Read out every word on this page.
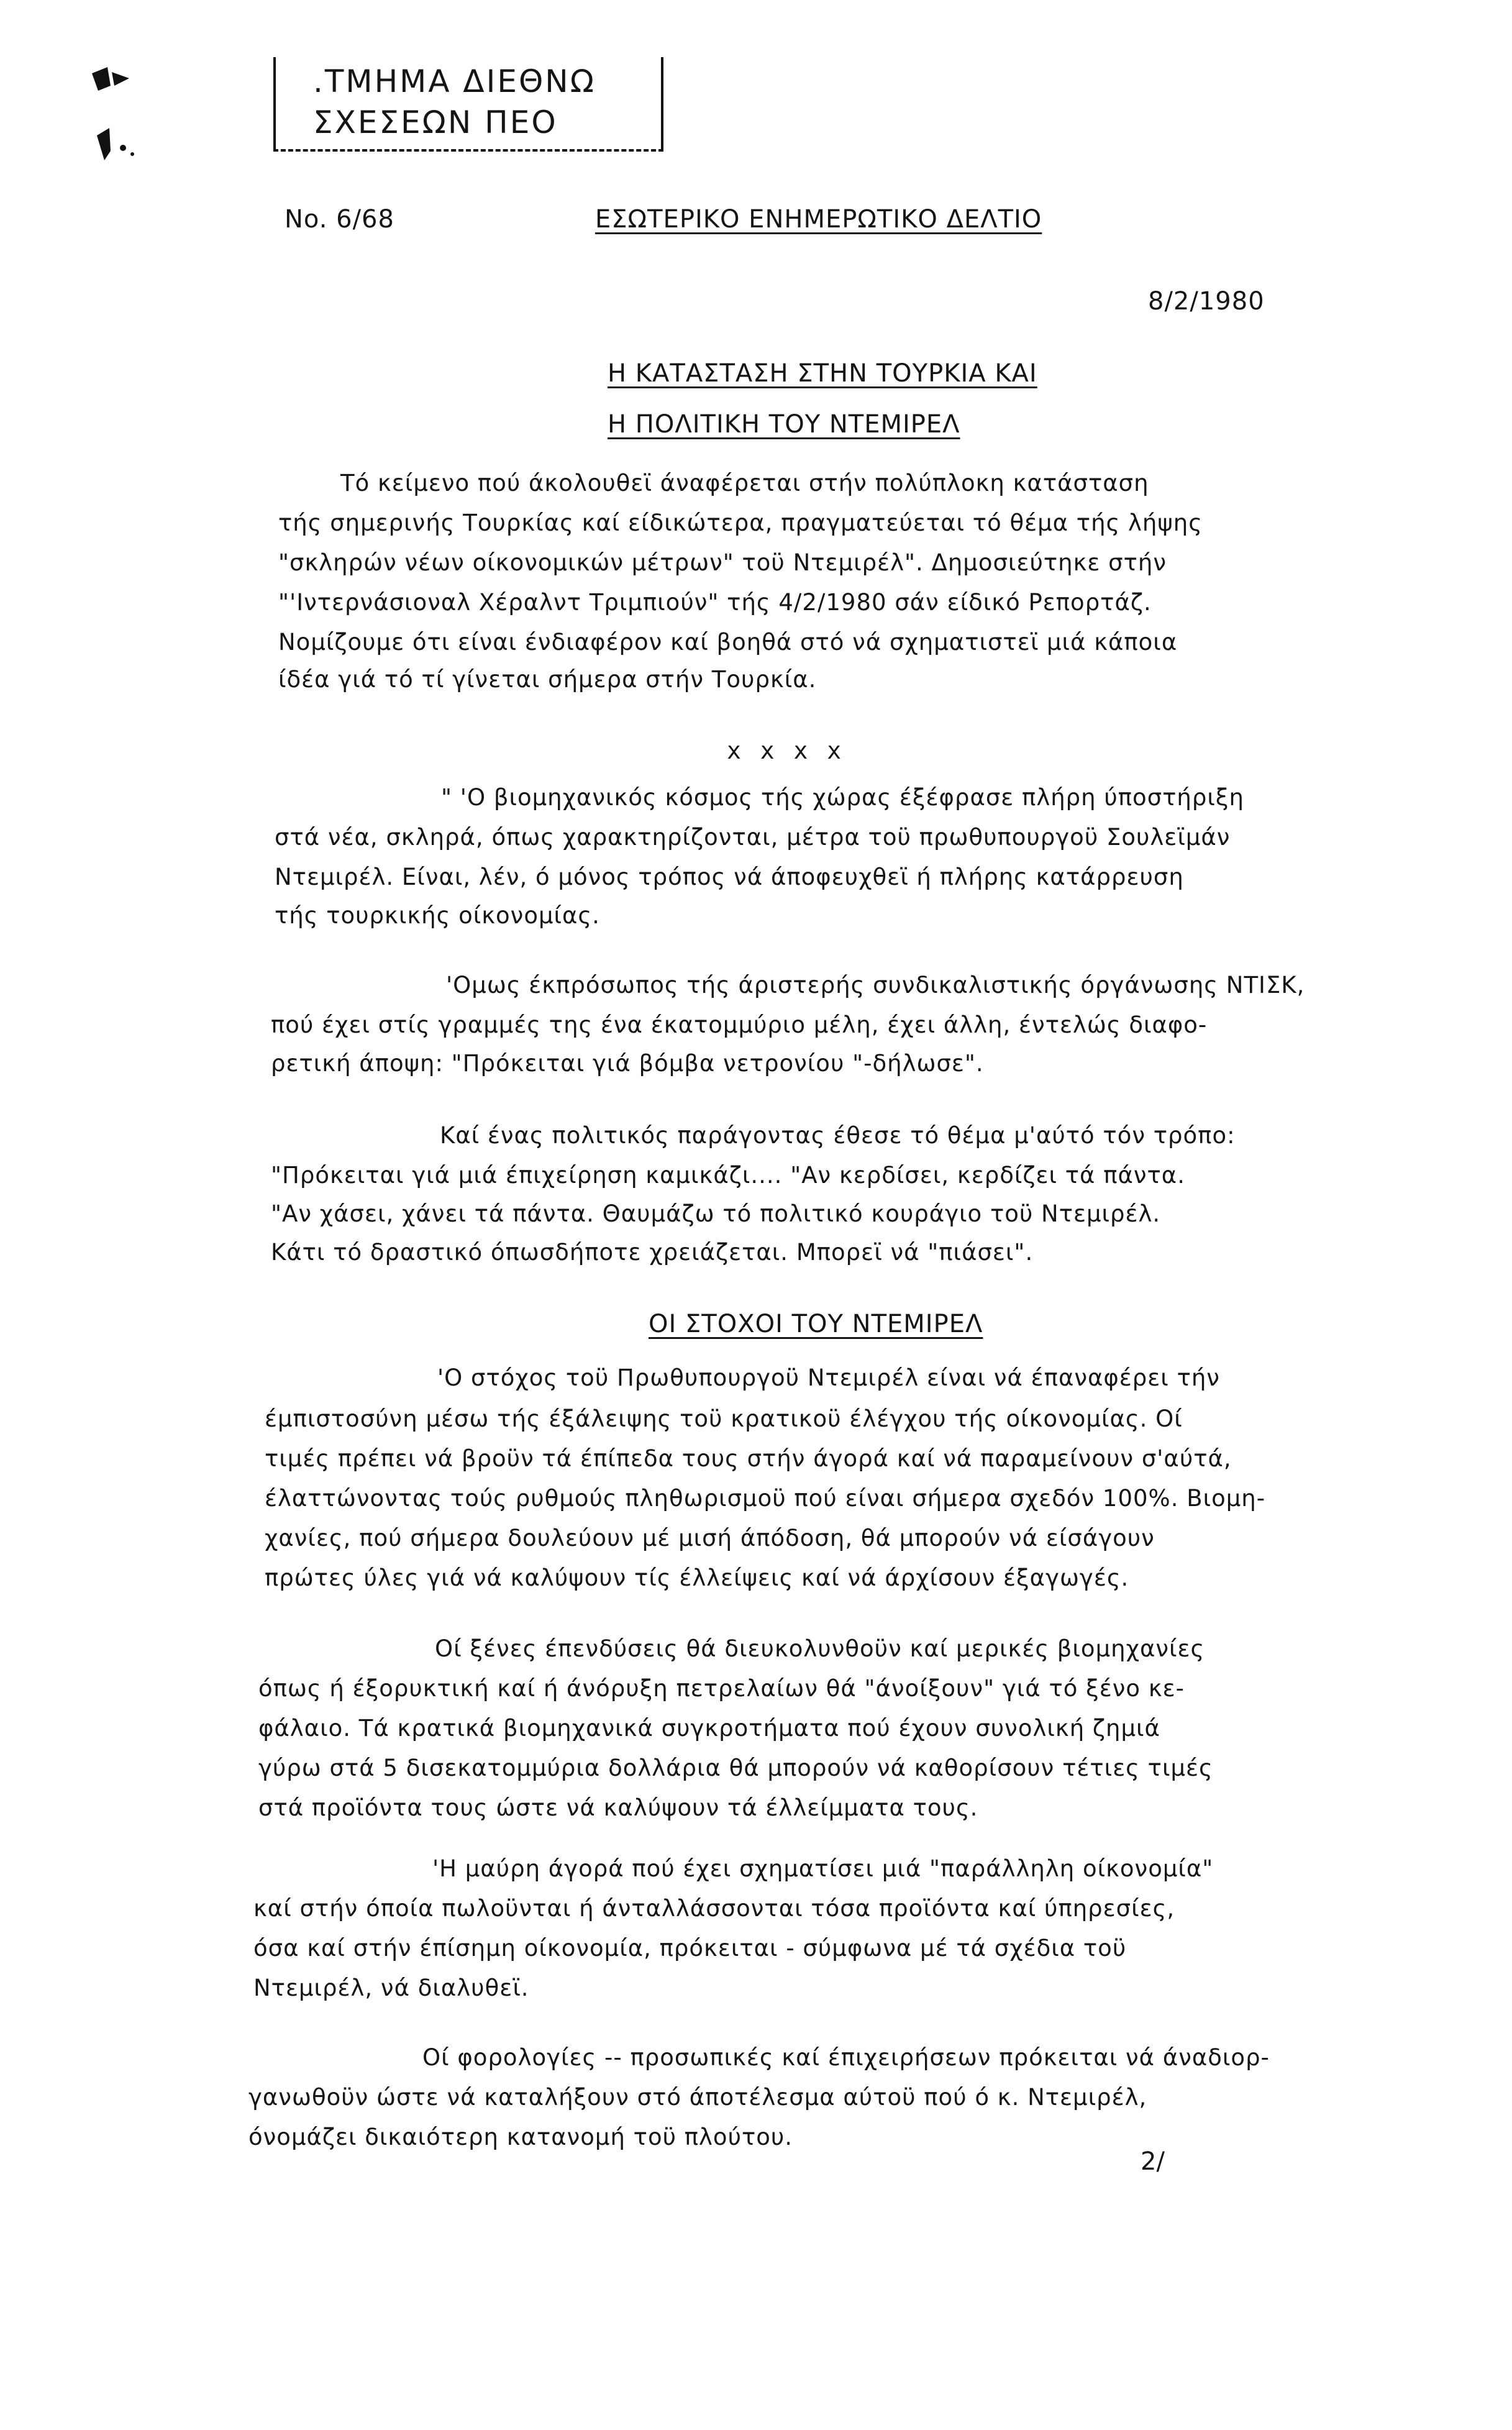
.ΤΜΗΜΑ ΔΙΕΘΝΩ
ΣΧΕΣΕΩΝ ΠΕΟ
No. 6/68	ΕΣΩΤΕΡΙΚΟ ΕΝΗΜΕΡΩΤΙΚΟ ΔΕΛΤΙΟ
8/2/1980
Η ΚΑΤΑΣΤΑΣΗ ΣΤΗΝ ΤΟΥΡΚΙΑ ΚΑΙ
Η ΠΟΛΙΤΙΚΗ ΤΟΥ ΝΤΕΜΙΡΕΛ

Τό κείμενο πού άκολουθεϊ άναφέρεται στήν πολύπλοκη κατάσταση

τής σημερινής Τουρκίας καί είδικώτερα, πραγματεύεται τό θέμα τής λήψης

"σκληρών νέων οίκονομικών μέτρων" τοϋ Ντεμιρέλ". Δημοσιεύτηκε στήν

"'Ιντερνάσιοναλ Χέραλντ Τριμπιούν" τής 4/2/1980 σάν είδικό Ρεπορτάζ.

Νομίζουμε ότι είναι ένδιαφέρον καί βοηθά στό νά σχηματιστεϊ μιά κάποια

ίδέα γιά τό τί γίνεται σήμερα στήν Τουρκία.

x x x x

" 'Ο βιομηχανικός κόσμος τής χώρας έξέφρασε πλήρη ύποστήριξη

στά νέα, σκληρά, όπως χαρακτηρίζονται, μέτρα τοϋ πρωθυπουργοϋ Σουλεϊμάν

Ντεμιρέλ. Είναι, λέν, ό μόνος τρόπος νά άποφευχθεϊ ή πλήρης κατάρρευση

τής τουρκικής οίκονομίας.

'Ομως έκπρόσωπος τής άριστερής συνδικαλιστικής όργάνωσης ΝΤΙΣΚ,

πού έχει στίς γραμμές της ένα έκατομμύριο μέλη, έχει άλλη, έντελώς διαφο-

ρετική άποψη: "Πρόκειται γιά βόμβα νετρονίου "-δήλωσε".

Καί ένας πολιτικός παράγοντας έθεσε τό θέμα μ'αύτό τόν τρόπο:

"Πρόκειται γιά μιά έπιχείρηση καμικάζι.... "Αν κερδίσει, κερδίζει τά πάντα.

"Αν χάσει, χάνει τά πάντα. Θαυμάζω τό πολιτικό κουράγιο τοϋ Ντεμιρέλ.

Κάτι τό δραστικό όπωσδήποτε χρειάζεται. Μπορεϊ νά "πιάσει".

ΟΙ ΣΤΟΧΟΙ ΤΟΥ ΝΤΕΜΙΡΕΛ

'Ο στόχος τοϋ Πρωθυπουργοϋ Ντεμιρέλ είναι νά έπαναφέρει τήν

έμπιστοσύνη μέσω τής έξάλειψης τοϋ κρατικοϋ έλέγχου τής οίκονομίας. Οί

τιμές πρέπει νά βροϋν τά έπίπεδα τους στήν άγορά καί νά παραμείνουν σ'αύτά,

έλαττώνοντας τούς ρυθμούς πληθωρισμοϋ πού είναι σήμερα σχεδόν 100%. Βιομη-

χανίες, πού σήμερα δουλεύουν μέ μισή άπόδοση, θά μπορούν νά είσάγουν

πρώτες ύλες γιά νά καλύψουν τίς έλλείψεις καί νά άρχίσουν έξαγωγές.

Οί ξένες έπενδύσεις θά διευκολυνθοϋν καί μερικές βιομηχανίες

όπως ή έξορυκτική καί ή άνόρυξη πετρελαίων θά "άνοίξουν" γιά τό ξένο κε-

φάλαιο. Τά κρατικά βιομηχανικά συγκροτήματα πού έχουν συνολική ζημιά

γύρω στά 5 δισεκατομμύρια δολλάρια θά μπορούν νά καθορίσουν τέτιες τιμές

στά προϊόντα τους ώστε νά καλύψουν τά έλλείμματα τους.

'Η μαύρη άγορά πού έχει σχηματίσει μιά "παράλληλη οίκονομία"

καί στήν όποία πωλοϋνται ή άνταλλάσσονται τόσα προϊόντα καί ύπηρεσίες,

όσα καί στήν έπίσημη οίκονομία, πρόκειται - σύμφωνα μέ τά σχέδια τοϋ

Ντεμιρέλ, νά διαλυθεϊ.

Οί φορολογίες -- προσωπικές καί έπιχειρήσεων πρόκειται νά άναδιορ-

γανωθοϋν ώστε νά καταλήξουν στό άποτέλεσμα αύτοϋ πού ό κ. Ντεμιρέλ,

όνομάζει δικαιότερη κατανομή τοϋ πλούτου.

2/
